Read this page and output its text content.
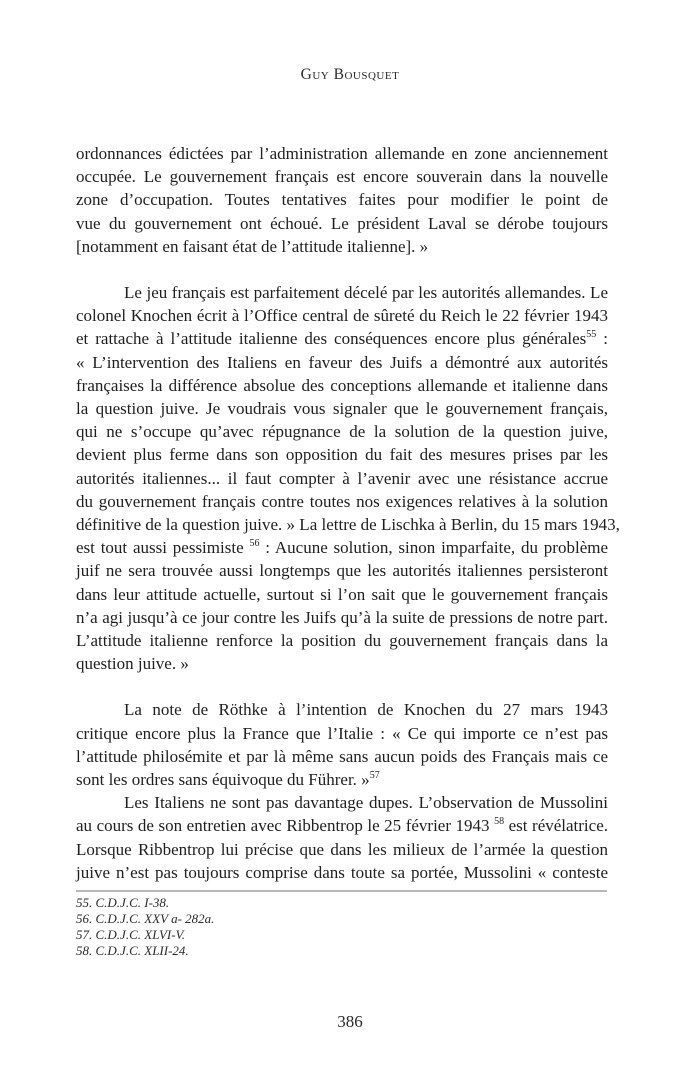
Guy Bousquet

ordonnances édictées par l’administration allemande en zone anciennement
occupée. Le gouvernement français est encore souverain dans la nouvelle
zone d’occupation. Toutes tentatives faites pour modifier le point de
vue du gouvernement ont échoué. Le président Laval se dérobe toujours
[notamment en faisant état de l’attitude italienne]. »

Le jeu français est parfaitement décelé par les autorités allemandes. Le
colonel Knochen écrit à l’Office central de sûreté du Reich le 22 février 1943
et rattache à l’attitude italienne des conséquences encore plus générales$^{55}$ :
« L’intervention des Italiens en faveur des Juifs a démontré aux autorités
françaises la différence absolue des conceptions allemande et italienne dans
la question juive. Je voudrais vous signaler que le gouvernement français,
qui ne s’occupe qu’avec répugnance de la solution de la question juive,
devient plus ferme dans son opposition du fait des mesures prises par les
autorités italiennes... il faut compter à l’avenir avec une résistance accrue
du gouvernement français contre toutes nos exigences relatives à la solution
définitive de la question juive. » La lettre de Lischka à Berlin, du 15 mars 1943,
est tout aussi pessimiste $^{56}$ : Aucune solution, sinon imparfaite, du problème
juif ne sera trouvée aussi longtemps que les autorités italiennes persisteront
dans leur attitude actuelle, surtout si l’on sait que le gouvernement français
n’a agi jusqu’à ce jour contre les Juifs qu’à la suite de pressions de notre part.
L’attitude italienne renforce la position du gouvernement français dans la
question juive. »

La note de Röthke à l’intention de Knochen du 27 mars 1943
critique encore plus la France que l’Italie : « Ce qui importe ce n’est pas
l’attitude philosémite et par là même sans aucun poids des Français mais ce
sont les ordres sans équivoque du Führer. »$^{57}$

Les Italiens ne sont pas davantage dupes. L’observation de Mussolini
au cours de son entretien avec Ribbentrop le 25 février 1943 $^{58}$ est révélatrice.
Lorsque Ribbentrop lui précise que dans les milieux de l’armée la question
juive n’est pas toujours comprise dans toute sa portée, Mussolini « conteste

55. C.D.J.C. I-38.
56. C.D.J.C. XXV a- 282a.
57. C.D.J.C. XLVI-V.
58. C.D.J.C. XLII-24.
386
